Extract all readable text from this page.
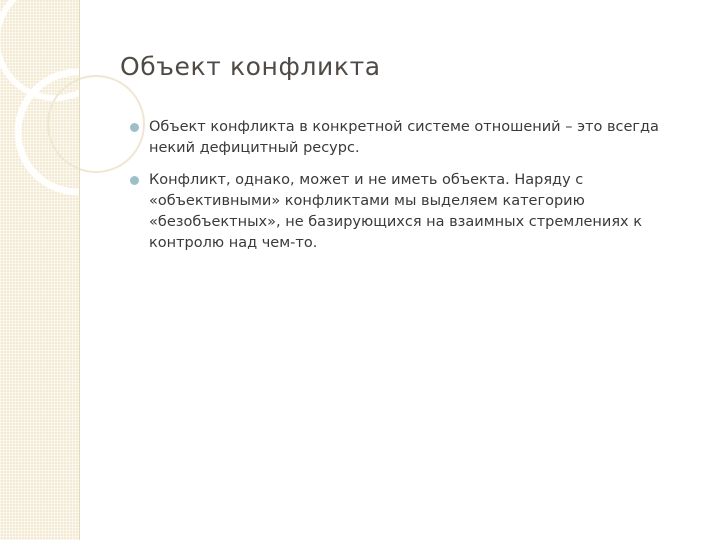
Объект конфликта
Объект конфликта в конкретной системе отношений – это всегда некий дефицитный ресурс.
Конфликт, однако, может и не иметь объекта. Наряду с «объективными» конфликтами мы выделяем категорию «безобъектных», не базирующихся на взаимных стремлениях к контролю над чем-то.
